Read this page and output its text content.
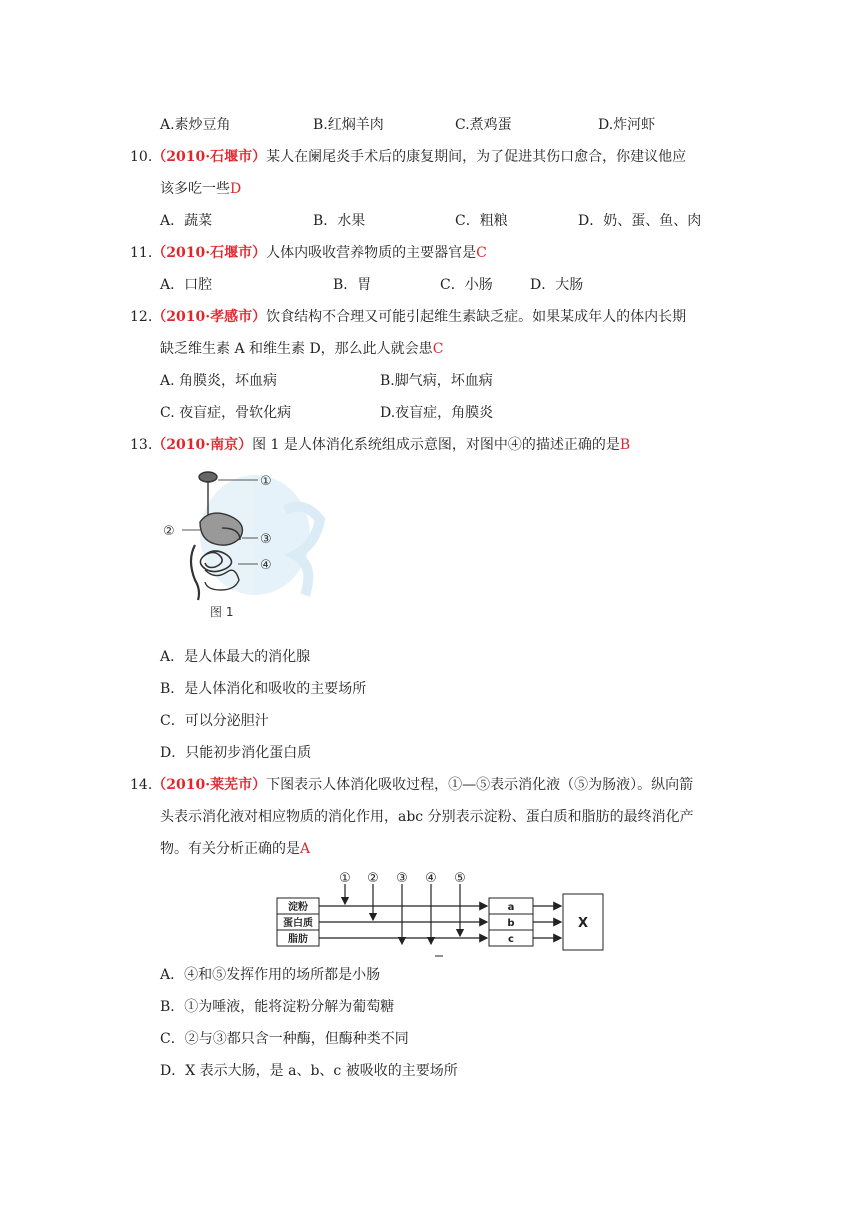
A.素炒豆角	B.红焖羊肉	C.煮鸡蛋	D.炸河虾
10.（2010·石堰市）某人在阑尾炎手术后的康复期间，为了促进其伤口愈合，你建议他应
该多吃一些D
A．蔬菜	B．水果	C．粗粮	D．奶、蛋、鱼、肉
11.（2010·石堰市）人体内吸收营养物质的主要器官是C
A．口腔	B．胃	C．小肠	D．大肠
12.（2010·孝感市）饮食结构不合理又可能引起维生素缺乏症。如果某成年人的体内长期
缺乏维生素 A 和维生素 D，那么此人就会患C
A. 角膜炎，坏血病	B.脚气病，坏血病
C. 夜盲症，骨软化病	D.夜盲症，角膜炎
13.（2010·南京）图 1 是人体消化系统组成示意图，对图中④的描述正确的是B
①
②
③
④
图 1
A．是人体最大的消化腺
B．是人体消化和吸收的主要场所
C．可以分泌胆汁
D．只能初步消化蛋白质
14.（2010·莱芜市）下图表示人体消化吸收过程，①—⑤表示消化液（⑤为肠液）。纵向箭
头表示消化液对相应物质的消化作用，abc 分别表示淀粉、蛋白质和脂肪的最终消化产
物。有关分析正确的是A
淀粉
蛋白质
脂肪
① ② ③ ④ ⑤
a
b
c
X
A．④和⑤发挥作用的场所都是小肠
B．①为唾液，能将淀粉分解为葡萄糖
C．②与③都只含一种酶，但酶种类不同
D．X 表示大肠，是 a、b、c 被吸收的主要场所
